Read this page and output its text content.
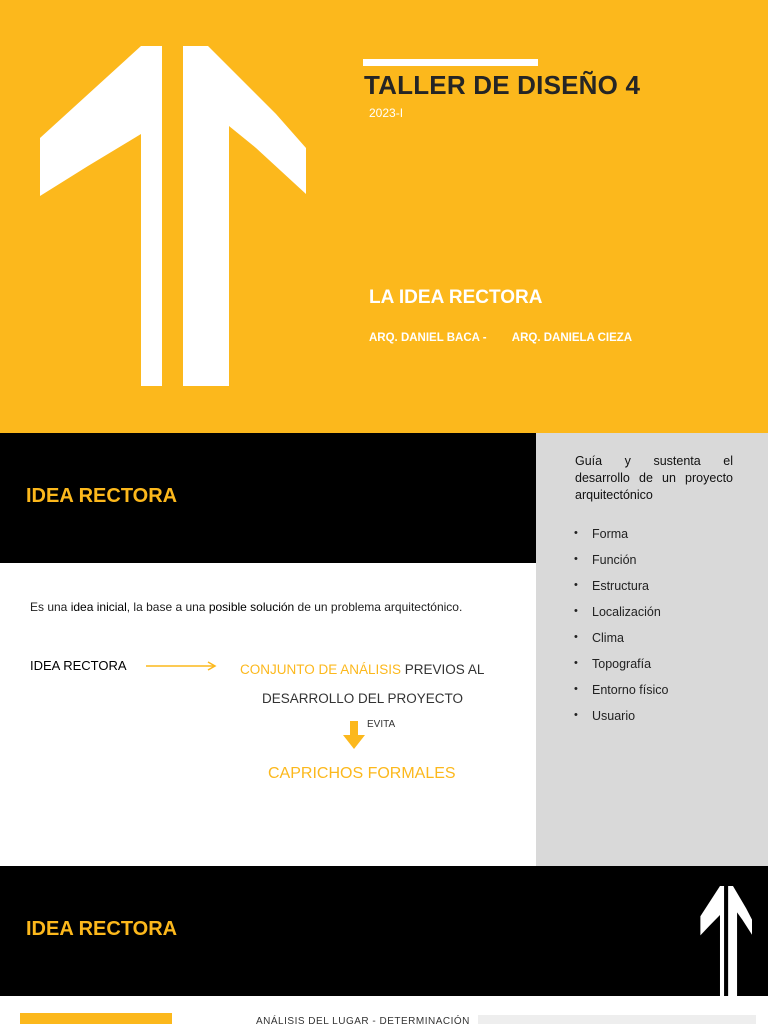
TALLER DE DISEÑO 4
2023-I
LA IDEA RECTORA
ARQ. DANIEL BACA - ARQ. DANIELA CIEZA
IDEA RECTORA
Guía y sustenta el desarrollo de un proyecto arquitectónico
• Forma
• Función
• Estructura
• Localización
• Clima
• Topografía
• Entorno físico
• Usuario
Es una idea inicial, la base a una posible solución de un problema arquitectónico.
IDEA RECTORA	CONJUNTO DE ANÁLISIS PREVIOS AL
DESARROLLO DEL PROYECTO
EVITA
CAPRICHOS FORMALES
IDEA RECTORA
ANÁLISIS DEL LUGAR - DETERMINACIÓN
